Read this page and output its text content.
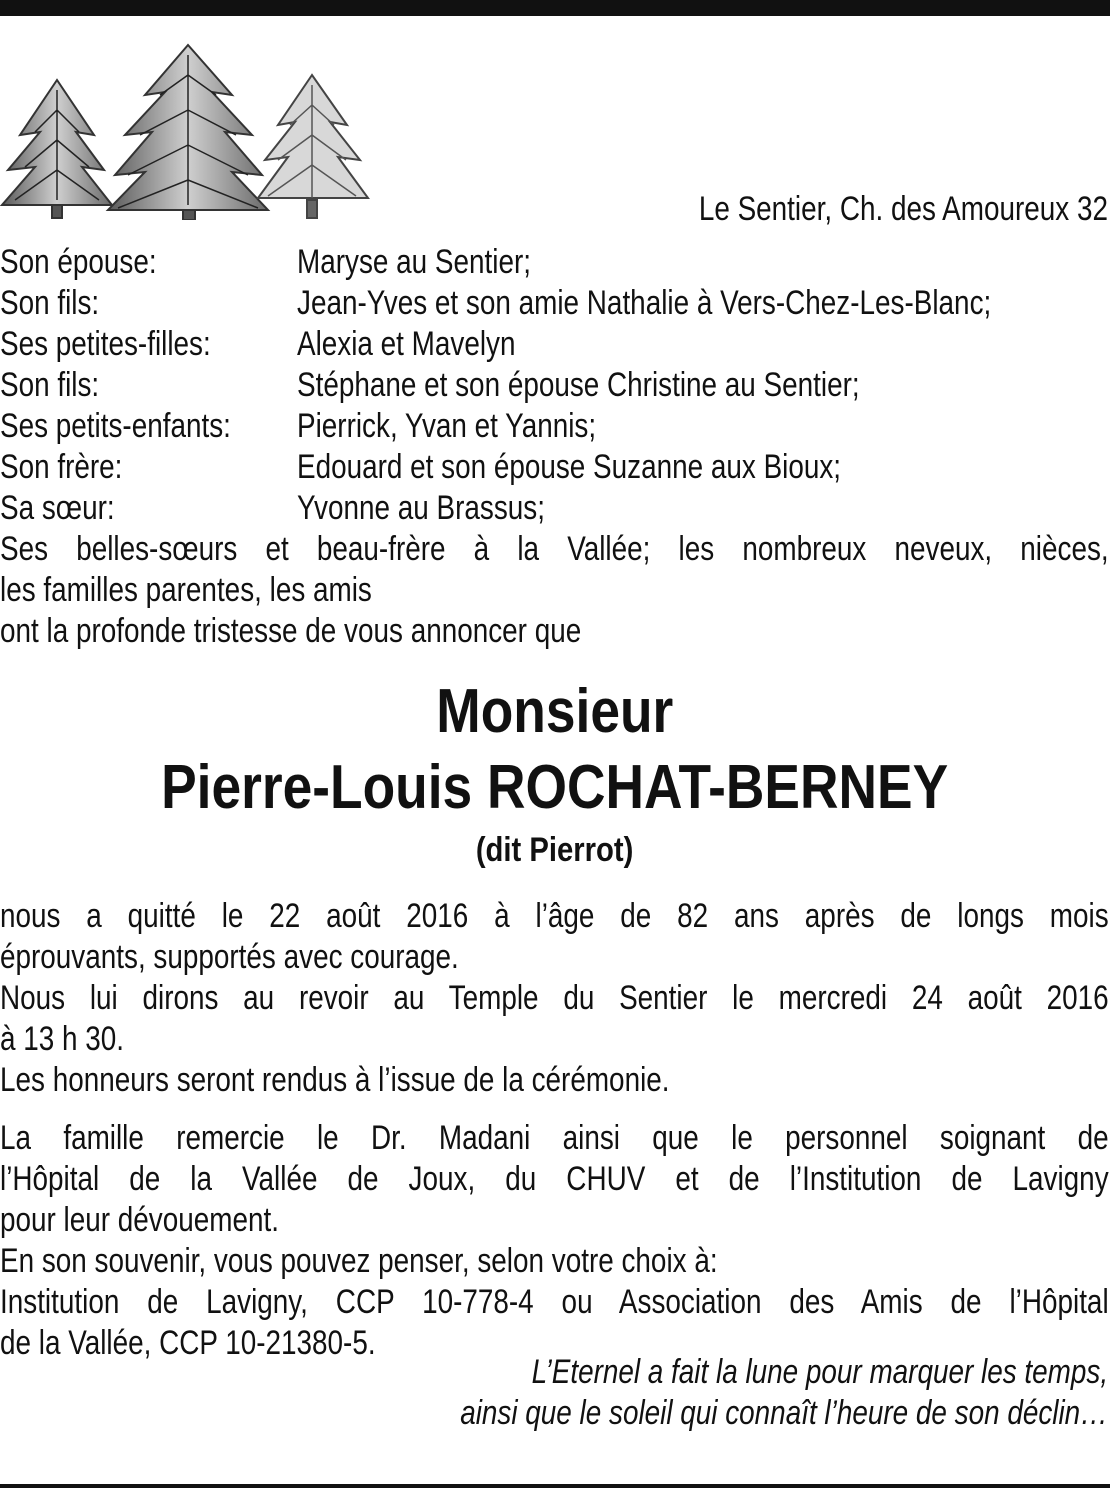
Le Sentier, Ch. des Amoureux 32
Son épouse:	Maryse au Sentier;
Son fils:	Jean-Yves et son amie Nathalie à Vers-Chez-Les-Blanc;
Ses petites-filles:	Alexia et Mavelyn
Son fils:	Stéphane et son épouse Christine au Sentier;
Ses petits-enfants: Pierrick, Yvan et Yannis;
Son frère:	Edouard et son épouse Suzanne aux Bioux;
Sa sœur:	Yvonne au Brassus;
Ses belles-sœurs et beau-frère à la Vallée; les nombreux neveux, nièces,
les familles parentes, les amis
ont la profonde tristesse de vous annoncer que
Monsieur
Pierre-Louis ROCHAT-BERNEY
(dit Pierrot)
nous a quitté le 22 août 2016 à l’âge de 82 ans après de longs mois
éprouvants, supportés avec courage.
Nous lui dirons au revoir au Temple du Sentier le mercredi 24 août 2016
à 13 h 30.
Les honneurs seront rendus à l’issue de la cérémonie.
La famille remercie le Dr. Madani ainsi que le personnel soignant de
l’Hôpital de la Vallée de Joux, du CHUV et de l’Institution de Lavigny
pour leur dévouement.
En son souvenir, vous pouvez penser, selon votre choix à:
Institution de Lavigny, CCP 10-778-4 ou Association des Amis de l’Hôpital
de la Vallée, CCP 10-21380-5.
L’Eternel a fait la lune pour marquer les temps,
ainsi que le soleil qui connaît l’heure de son déclin…
